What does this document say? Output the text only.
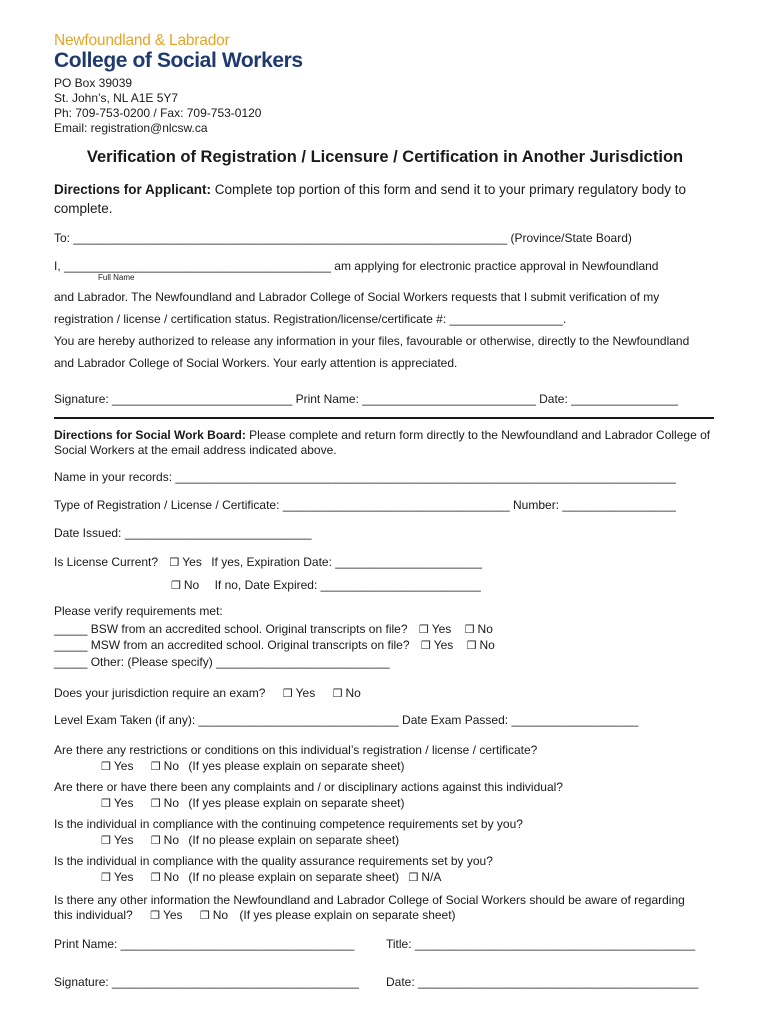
Newfoundland & Labrador
College of Social Workers
PO Box 39039
St. John’s, NL A1E 5Y7
Ph: 709-753-0200 / Fax: 709-753-0120
Email: registration@nlcsw.ca
Verification of Registration / Licensure / Certification in Another Jurisdiction
Directions for Applicant: Complete top portion of this form and send it to your primary regulatory body to complete.
To: _________________________________________________________________ (Province/State Board)
I, ________________________________________ am applying for electronic practice approval in Newfoundland
Full Name
and Labrador. The Newfoundland and Labrador College of Social Workers requests that I submit verification of my
registration / license / certification status. Registration/license/certificate #: _________________.
You are hereby authorized to release any information in your files, favourable or otherwise, directly to the Newfoundland
and Labrador College of Social Workers. Your early attention is appreciated.
Signature: ___________________________ Print Name: __________________________ Date: ________________
Directions for Social Work Board: Please complete and return form directly to the Newfoundland and Labrador College of Social Workers at the email address indicated above.
Name in your records: ___________________________________________________________________________
Type of Registration / License / Certificate: __________________________________ Number: _________________
Date Issued: ____________________________
Is License Current? ❒ Yes If yes, Expiration Date: ______________________
❒ No If no, Date Expired: ________________________
Please verify requirements met:
_____ BSW from an accredited school. Original transcripts on file? ❒ Yes ❒ No
_____ MSW from an accredited school. Original transcripts on file? ❒ Yes ❒ No
_____ Other: (Please specify) __________________________
Does your jurisdiction require an exam? ❒ Yes ❒ No
Level Exam Taken (if any): ______________________________ Date Exam Passed: ___________________
Are there any restrictions or conditions on this individual’s registration / license / certificate?
❒ Yes ❒ No (If yes please explain on separate sheet)
Are there or have there been any complaints and / or disciplinary actions against this individual?
❒ Yes ❒ No (If yes please explain on separate sheet)
Is the individual in compliance with the continuing competence requirements set by you?
❒ Yes ❒ No (If no please explain on separate sheet)
Is the individual in compliance with the quality assurance requirements set by you?
❒ Yes ❒ No (If no please explain on separate sheet) ❒ N/A
Is there any other information the Newfoundland and Labrador College of Social Workers should be aware of regarding
this individual? ❒ Yes ❒ No (If yes please explain on separate sheet)
Print Name: ___________________________________	Title: __________________________________________
Signature: _____________________________________ Date: __________________________________________
